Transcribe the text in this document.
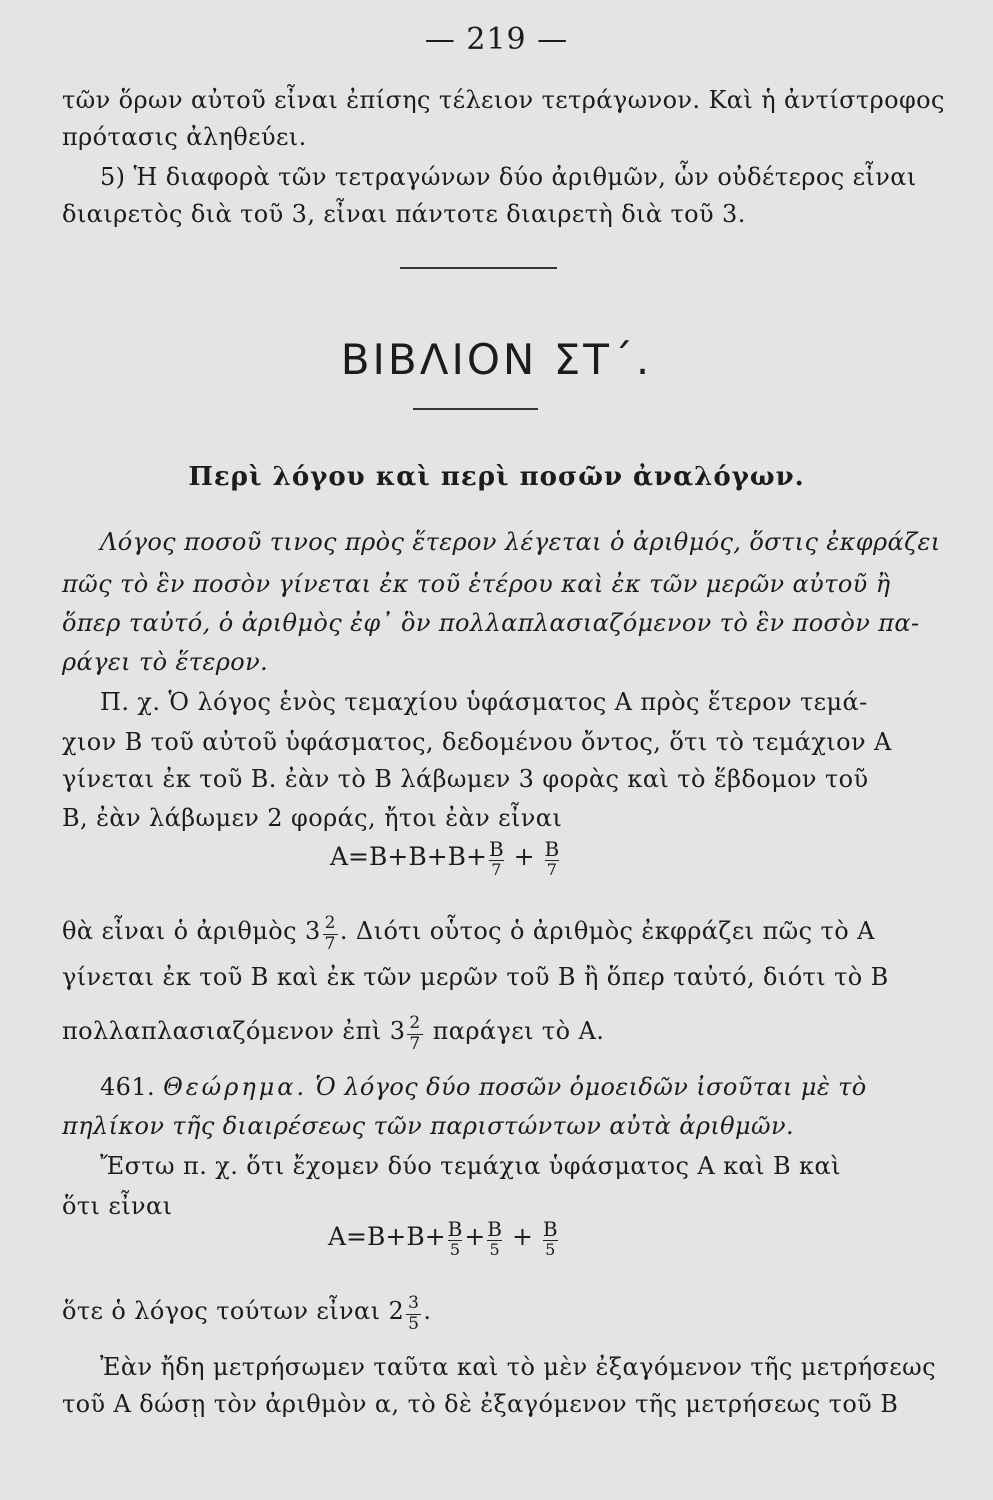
— 219 —
τῶν ὅρων αὐτοῦ εἶναι ἐπίσης τέλειον τετράγωνον. Καὶ ἡ ἀντίστροφος
πρότασις ἀληθεύει.
5) Ἡ διαφορὰ τῶν τετραγώνων δύο ἀριθμῶν, ὧν οὐδέτερος εἶναι
διαιρετὸς διὰ τοῦ 3, εἶναι πάντοτε διαιρετὴ διὰ τοῦ 3.
ΒΙΒΛΙΟΝ ΣΤ΄.
Περὶ λόγου καὶ περὶ ποσῶν ἀναλόγων.
Λόγος ποσοῦ τινος πρὸς ἕτερον λέγεται ὁ ἀριθμός, ὅστις ἐκφράζει
πῶς τὸ ἓν ποσὸν γίνεται ἐκ τοῦ ἑτέρου καὶ ἐκ τῶν μερῶν αὐτοῦ ἢ
ὅπερ ταὐτό, ὁ ἀριθμὸς ἐφ᾽ ὃν πολλαπλασιαζόμενον τὸ ἓν ποσὸν πα-
ράγει τὸ ἕτερον.
Π. χ. Ὁ λόγος ἑνὸς τεμαχίου ὑφάσματος Α πρὸς ἕτερον τεμά-
χιον Β τοῦ αὐτοῦ ὑφάσματος, δεδομένου ὄντος, ὅτι τὸ τεμάχιον Α
γίνεται ἐκ τοῦ Β. ἐὰν τὸ Β λάβωμεν 3 φορὰς καὶ τὸ ἕβδομον τοῦ
Β, ἐὰν λάβωμεν 2 φοράς, ἤτοι ἐὰν εἶναι
$A=B+B+B+ \frac{B}{7} + \frac{B}{7}$
θὰ εἶναι ὁ ἀριθμὸς $3 \frac{2}{7}$ . Διότι οὗτος ὁ ἀριθμὸς ἐκφράζει πῶς τὸ Α
γίνεται ἐκ τοῦ Β καὶ ἐκ τῶν μερῶν τοῦ Β ἢ ὅπερ ταὐτό, διότι τὸ Β
πολλαπλασιαζόμενον ἐπὶ $3 \frac{2}{7}$ παράγει τὸ Α.
461. Θεώρημα. Ὁ λόγος δύο ποσῶν ὁμοειδῶν ἰσοῦται μὲ τὸ
πηλίκον τῆς διαιρέσεως τῶν παριστώντων αὐτὰ ἀριθμῶν.
Ἔστω π. χ. ὅτι ἔχομεν δύο τεμάχια ὑφάσματος Α καὶ Β καὶ
ὅτι εἶναι
$A=B+B+ \frac{B}{5} + \frac{B}{5} + \frac{B}{5}$
ὅτε ὁ λόγος τούτων εἶναι $2 \frac{3}{5}$ .
Ἐὰν ἤδη μετρήσωμεν ταῦτα καὶ τὸ μὲν ἐξαγόμενον τῆς μετρήσεως
τοῦ Α δώσῃ τὸν ἀριθμὸν α, τὸ δὲ ἐξαγόμενον τῆς μετρήσεως τοῦ Β
